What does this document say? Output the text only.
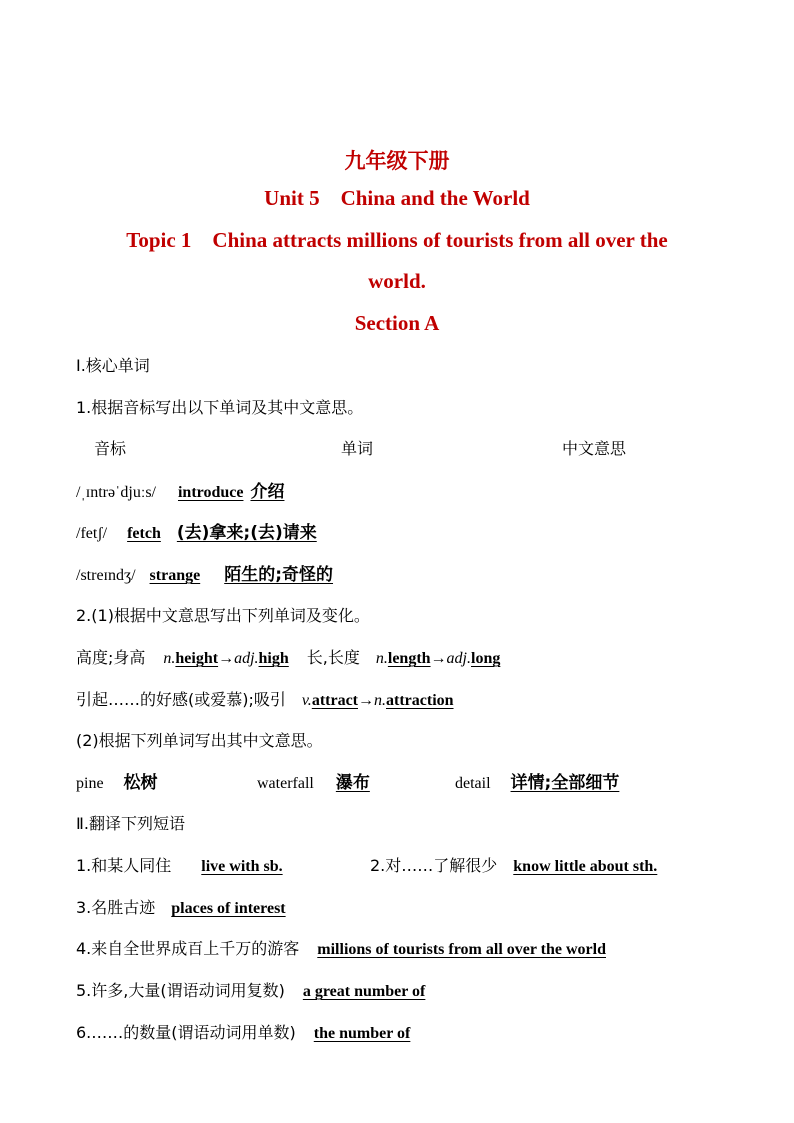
九年级下册
Unit 5    China and the World
Topic 1    China attracts millions of tourists from all over the
world.
Section A
Ⅰ.核心单词
1.根据音标写出以下单词及其中文意思。
音标	单词	中文意思
/ˌɪntrəˈdjuːs/ introduce 介绍
/fetʃ/ fetch (去)拿来;(去)请来
/streɪndʒ/ strange 陌生的;奇怪的
2.(1)根据中文意思写出下列单词及变化。
高度;身高 n.height→adj.high 长,长度 n.length→adj.long
引起……的好感(或爱慕);吸引 v.attract→n.attraction
(2)根据下列单词写出其中文意思。
pine 松树	waterfall 瀑布	detail 详情;全部细节
Ⅱ.翻译下列短语
1.和某人同住 live with sb.	2.对……了解很少 know little about sth.
3.名胜古迹 places of interest
4.来自全世界成百上千万的游客 millions of tourists from all over the world
5.许多,大量(谓语动词用复数) a great number of
6.……的数量(谓语动词用单数) the number of
